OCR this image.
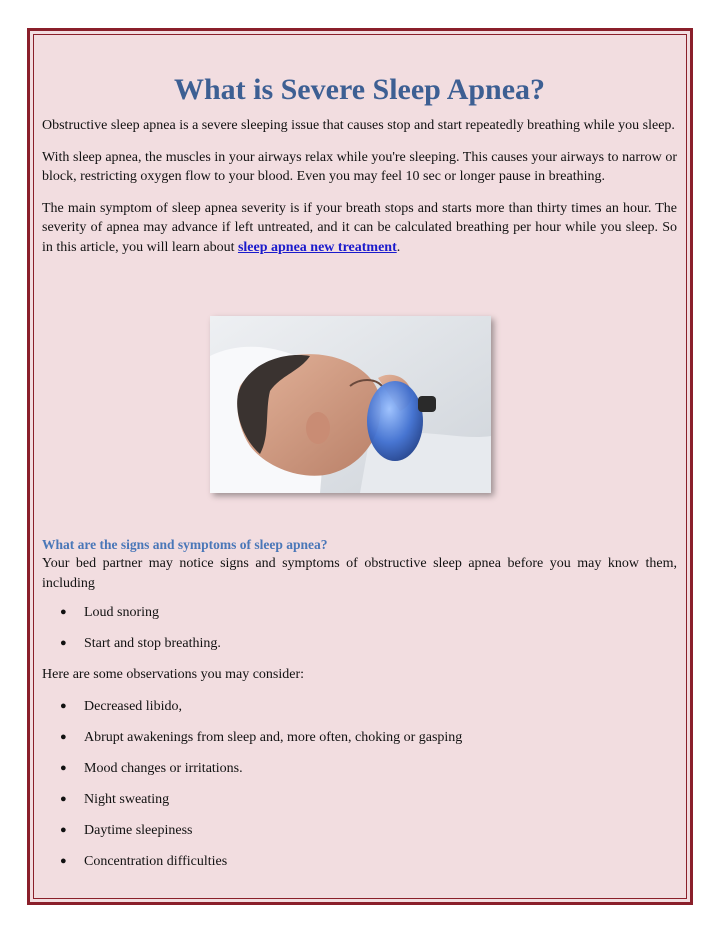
What is Severe Sleep Apnea?

Obstructive sleep apnea is a severe sleeping issue that causes stop and start repeatedly breathing while you sleep.

With sleep apnea, the muscles in your airways relax while you're sleeping. This causes your airways to narrow or block, restricting oxygen flow to your blood. Even you may feel 10 sec or longer pause in breathing.

The main symptom of sleep apnea severity is if your breath stops and starts more than thirty times an hour. The severity of apnea may advance if left untreated, and it can be calculated breathing per hour while you sleep. So in this article, you will learn about sleep apnea new treatment.

What are the signs and symptoms of sleep apnea?

Your bed partner may notice signs and symptoms of obstructive sleep apnea before you may know them, including

● Loud snoring
● Start and stop breathing.

Here are some observations you may consider:

● Decreased libido,
● Abrupt awakenings from sleep and, more often, choking or gasping
● Mood changes or irritations.
● Night sweating
● Daytime sleepiness
● Concentration difficulties
